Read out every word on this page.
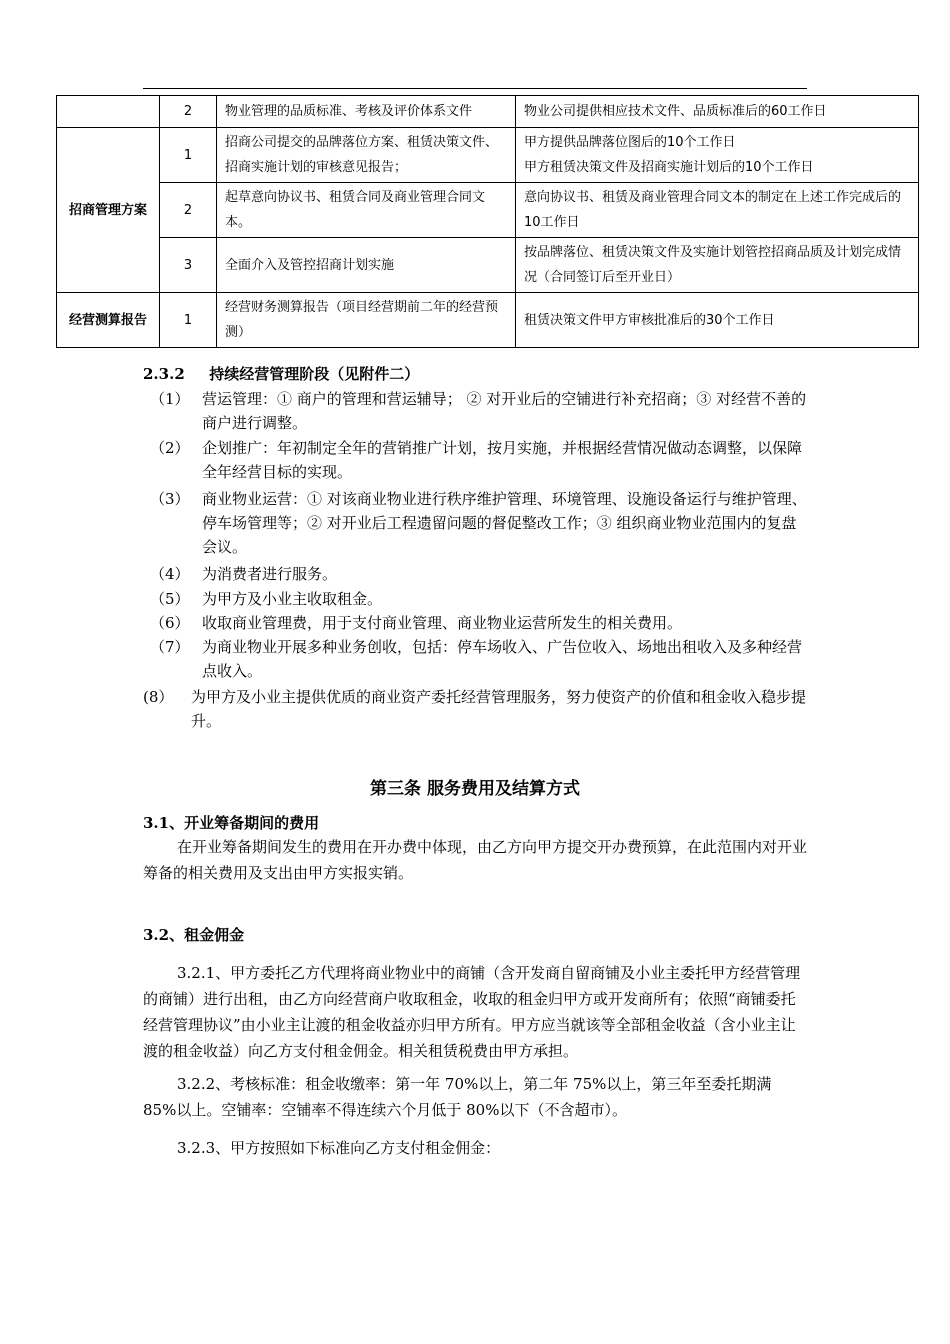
	2	物业管理的品质标准、考核及评价体系文件	物业公司提供相应技术文件、品质标准后的60工作日
招商管理方案	1	招商公司提交的品牌落位方案、租赁决策文件、招商实施计划的审核意见报告；	甲方提供品牌落位图后的10个工作日
甲方租赁决策文件及招商实施计划后的10个工作日
	2	起草意向协议书、租赁合同及商业管理合同文本。	意向协议书、租赁及商业管理合同文本的制定在上述工作完成后的10工作日
	3	全面介入及管控招商计划实施	按品牌落位、租赁决策文件及实施计划管控招商品质及计划完成情况（合同签订后至开业日）
经营测算报告	1	经营财务测算报告（项目经营期前二年的经营预测）	租赁决策文件甲方审核批准后的30个工作日
2.3.2 持续经营管理阶段（见附件二）
（1） 营运管理：① 商户的管理和营运辅导； ② 对开业后的空铺进行补充招商；③ 对经营不善的商户进行调整。
（2） 企划推广：年初制定全年的营销推广计划，按月实施，并根据经营情况做动态调整，以保障全年经营目标的实现。
（3） 商业物业运营：① 对该商业物业进行秩序维护管理、环境管理、设施设备运行与维护管理、停车场管理等；② 对开业后工程遗留问题的督促整改工作；③ 组织商业物业范围内的复盘会议。
（4） 为消费者进行服务。
（5） 为甲方及小业主收取租金。
（6） 收取商业管理费，用于支付商业管理、商业物业运营所发生的相关费用。
（7） 为商业物业开展多种业务创收，包括：停车场收入、广告位收入、场地出租收入及多种经营点收入。
(8） 为甲方及小业主提供优质的商业资产委托经营管理服务，努力使资产的价值和租金收入稳步提升。
第三条 服务费用及结算方式
3.1、开业筹备期间的费用
在开业筹备期间发生的费用在开办费中体现，由乙方向甲方提交开办费预算，在此范围内对开业筹备的相关费用及支出由甲方实报实销。
3.2、租金佣金
3.2.1、甲方委托乙方代理将商业物业中的商铺（含开发商自留商铺及小业主委托甲方经营管理的商铺）进行出租，由乙方向经营商户收取租金，收取的租金归甲方或开发商所有；依照“商铺委托经营管理协议”由小业主让渡的租金收益亦归甲方所有。甲方应当就该等全部租金收益（含小业主让渡的租金收益）向乙方支付租金佣金。相关租赁税费由甲方承担。
3.2.2、考核标准：租金收缴率：第一年 70%以上，第二年 75%以上，第三年至委托期满 85%以上。空铺率：空铺率不得连续六个月低于 80%以下（不含超市）。
3.2.3、甲方按照如下标准向乙方支付租金佣金：
